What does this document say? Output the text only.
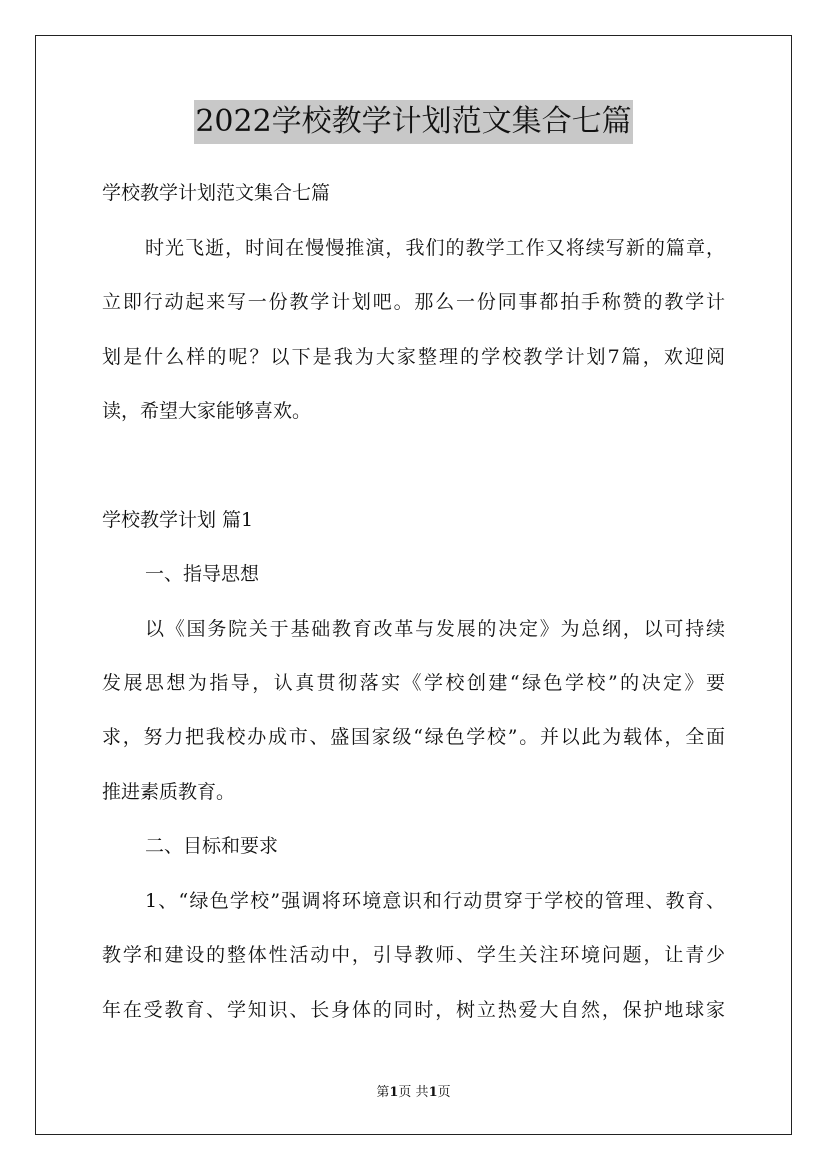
2022学校教学计划范文集合七篇
学校教学计划范文集合七篇
时光飞逝，时间在慢慢推演，我们的教学工作又将续写新的篇章，
立即行动起来写一份教学计划吧。那么一份同事都拍手称赞的教学计
划是什么样的呢？以下是我为大家整理的学校教学计划7篇，欢迎阅
读，希望大家能够喜欢。
学校教学计划 篇1
一、指导思想
以《国务院关于基础教育改革与发展的决定》为总纲，以可持续
发展思想为指导，认真贯彻落实《学校创建“绿色学校”的决定》要
求，努力把我校办成市、盛国家级“绿色学校”。并以此为载体，全面
推进素质教育。
二、目标和要求
1、“绿色学校”强调将环境意识和行动贯穿于学校的管理、教育、
教学和建设的整体性活动中，引导教师、学生关注环境问题，让青少
年在受教育、学知识、长身体的同时，树立热爱大自然，保护地球家
第1页 共1页
